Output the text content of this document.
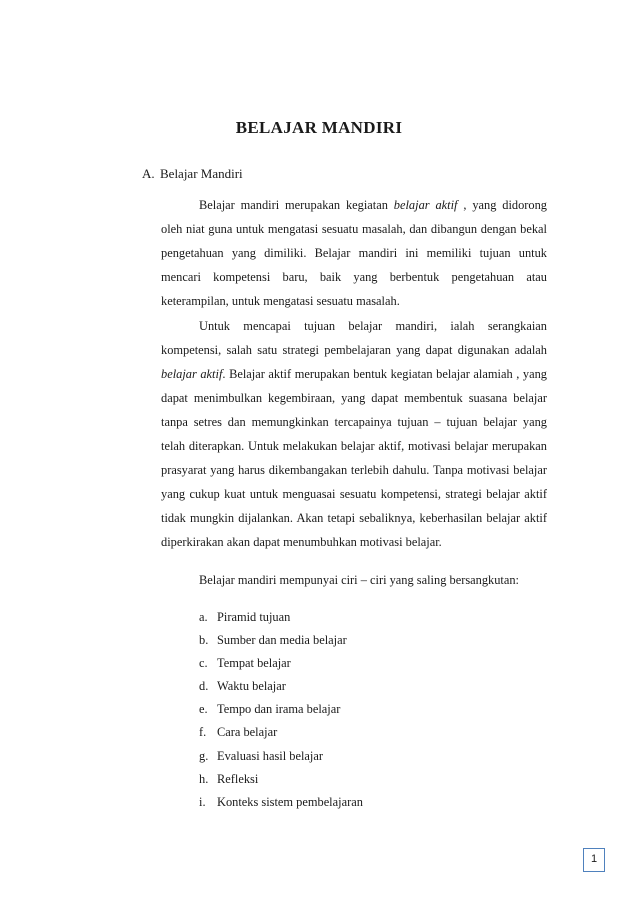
BELAJAR MANDIRI
A. Belajar Mandiri

Belajar mandiri merupakan kegiatan belajar aktif , yang didorong oleh niat guna untuk mengatasi sesuatu masalah, dan dibangun dengan bekal pengetahuan yang dimiliki. Belajar mandiri ini memiliki tujuan untuk mencari kompetensi baru, baik yang berbentuk pengetahuan atau keterampilan, untuk mengatasi sesuatu masalah.

Untuk mencapai tujuan belajar mandiri, ialah serangkaian kompetensi, salah satu strategi pembelajaran yang dapat digunakan adalah belajar aktif. Belajar aktif merupakan bentuk kegiatan belajar alamiah , yang dapat menimbulkan kegembiraan, yang dapat membentuk suasana belajar tanpa setres dan memungkinkan tercapainya tujuan – tujuan belajar yang telah diterapkan. Untuk melakukan belajar aktif, motivasi belajar merupakan prasyarat yang harus dikembangakan terlebih dahulu. Tanpa motivasi belajar yang cukup kuat untuk menguasai sesuatu kompetensi, strategi belajar aktif tidak mungkin dijalankan. Akan tetapi sebaliknya, keberhasilan belajar aktif diperkirakan akan dapat menumbuhkan motivasi belajar.

Belajar mandiri mempunyai ciri – ciri yang saling bersangkutan:
a. Piramid tujuan
b. Sumber dan media belajar
c. Tempat belajar
d. Waktu belajar
e. Tempo dan irama belajar
f. Cara belajar
g. Evaluasi hasil belajar
h. Refleksi
i. Konteks sistem pembelajaran
1
